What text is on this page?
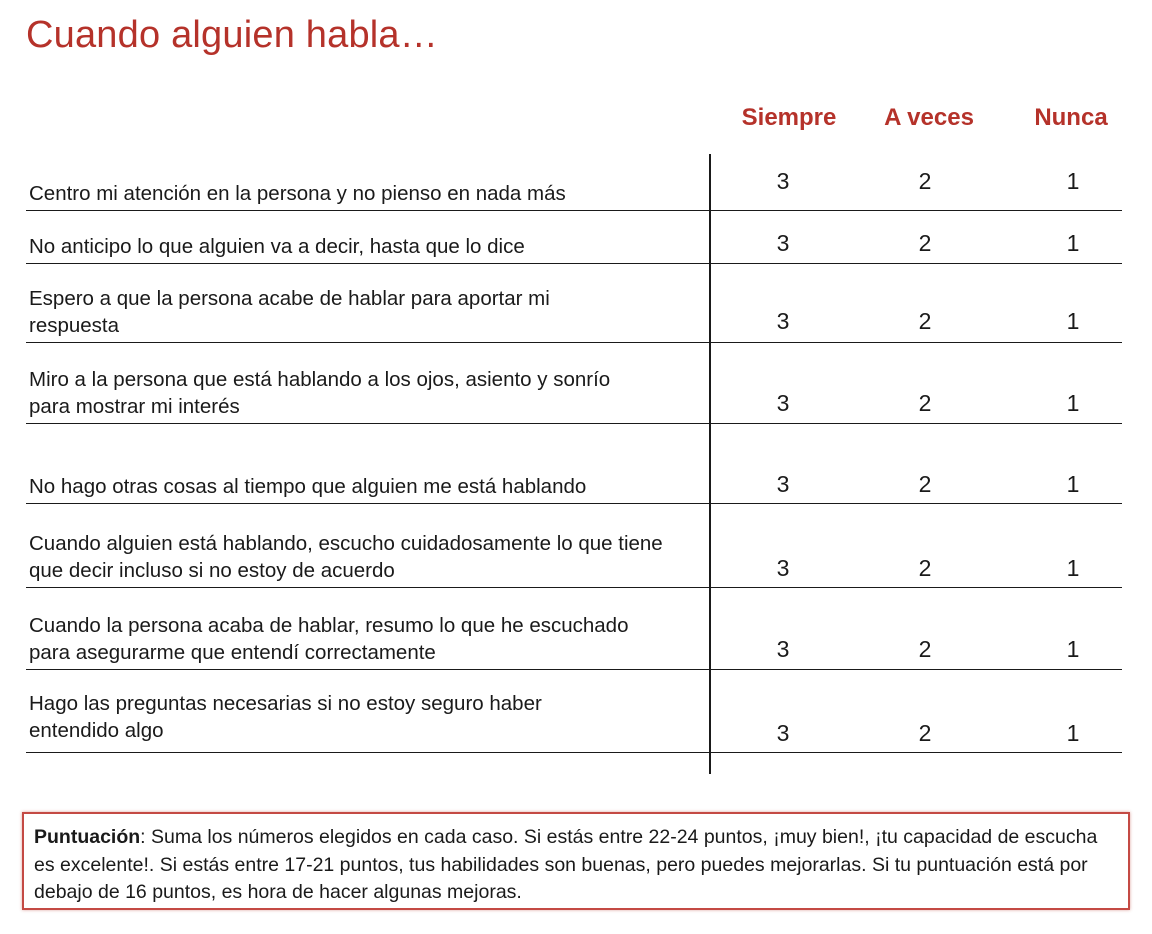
Cuando alguien habla…
Siempre	A veces	Nunca
Centro mi atención en la persona y no pienso en nada más	3	2	1
No anticipo lo que alguien va a decir, hasta que lo dice	3	2	1
Espero a que la persona acabe de hablar para aportar mi respuesta	3	2	1
Miro a la persona que está hablando a los ojos, asiento y sonrío para mostrar mi interés	3	2	1
No hago otras cosas al tiempo que alguien me está hablando	3	2	1
Cuando alguien está hablando, escucho cuidadosamente lo que tiene que decir incluso si no estoy de acuerdo	3	2	1
Cuando la persona acaba de hablar, resumo lo que he escuchado para asegurarme que entendí correctamente	3	2	1
Hago las preguntas necesarias si no estoy seguro haber entendido algo	3	2	1

Puntuación: Suma los números elegidos en cada caso. Si estás entre 22-24 puntos, ¡muy bien!, ¡tu capacidad de escucha es excelente!. Si estás entre 17-21 puntos, tus habilidades son buenas, pero puedes mejorarlas. Si tu puntuación está por debajo de 16 puntos, es hora de hacer algunas mejoras.
